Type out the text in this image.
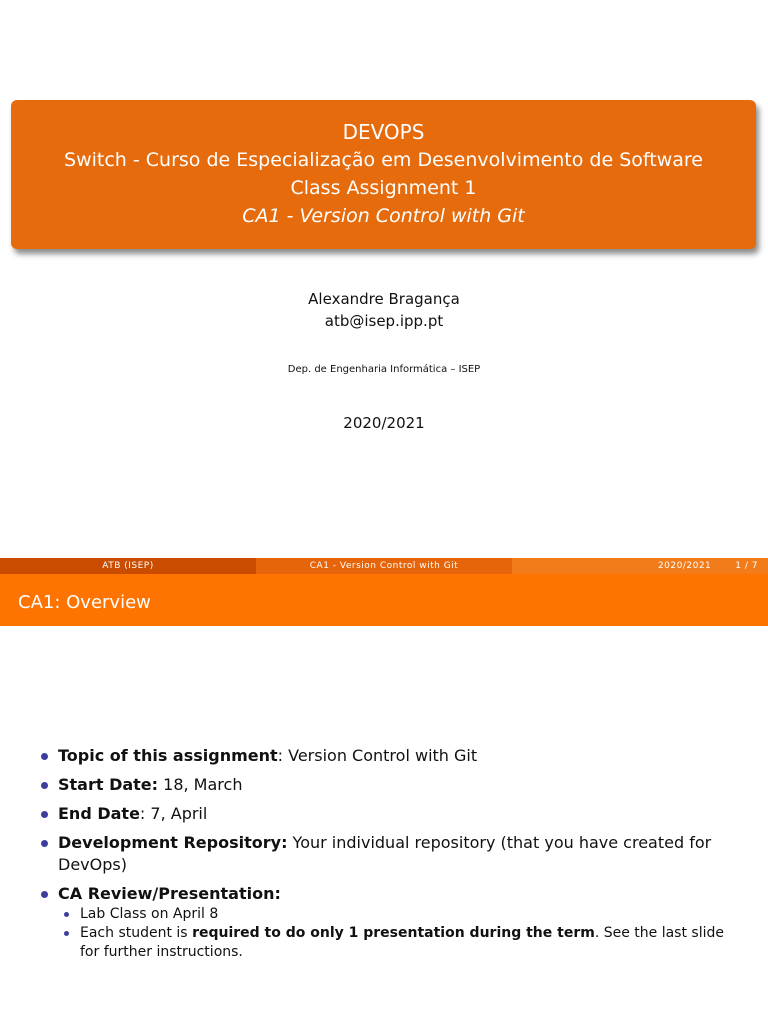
DEVOPS
Switch - Curso de Especialização em Desenvolvimento de Software
Class Assignment 1
CA1 - Version Control with Git
Alexandre Bragança
atb@isep.ipp.pt
Dep. de Engenharia Informática – ISEP
2020/2021
ATB (ISEP)	CA1 - Version Control with Git	2020/2021	1 / 7
CA1: Overview
Topic of this assignment: Version Control with Git
Start Date: 18, March
End Date: 7, April
Development Repository: Your individual repository (that you have created for DevOps)
CA Review/Presentation:
Lab Class on April 8
Each student is required to do only 1 presentation during the term. See the last slide for further instructions.
